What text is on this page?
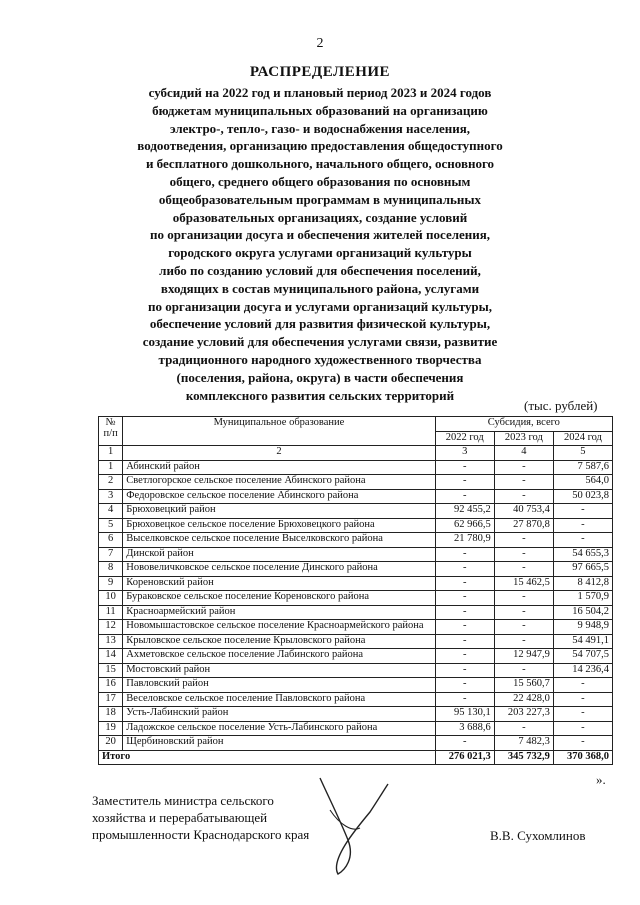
2
РАСПРЕДЕЛЕНИЕ
субсидий на 2022 год и плановый период 2023 и 2024 годов
бюджетам муниципальных образований на организацию
электро-, тепло-, газо- и водоснабжения населения,
водоотведения, организацию предоставления общедоступного
и бесплатного дошкольного, начального общего, основного
общего, среднего общего образования по основным
общеобразовательным программам в муниципальных
образовательных организациях, создание условий
по организации досуга и обеспечения жителей поселения,
городского округа услугами организаций культуры
либо по созданию условий для обеспечения поселений,
входящих в состав муниципального района, услугами
по организации досуга и услугами организаций культуры,
обеспечение условий для развития физической культуры,
создание условий для обеспечения услугами связи, развитие
традиционного народного художественного творчества
(поселения, района, округа) в части обеспечения
комплексного развития сельских территорий
(тыс. рублей)
№ п/п	Муниципальное образование	Субсидия, всего		
		2022 год	2023 год	2024 год
1	2	3	4	5
1	Абинский район	-	-	7 587,6
2	Светлогорское сельское поселение Абинского района	-	-	564,0
3	Федоровское сельское поселение Абинского района	-	-	50 023,8
4	Брюховецкий район	92 455,2	40 753,4	-
5	Брюховецкое сельское поселение Брюховецкого района	62 966,5	27 870,8	-
6	Выселковское сельское поселение Выселковского района	21 780,9	-	-
7	Динской район	-	-	54 655,3
8	Нововеличковское сельское поселение Динского района	-	-	97 665,5
9	Кореновский район	-	15 462,5	8 412,8
10	Бураковское сельское поселение Кореновского района	-	-	1 570,9
11	Красноармейский район	-	-	16 504,2
12	Новомышастовское сельское поселение Красноармейского района	-	-	9 948,9
13	Крыловское сельское поселение Крыловского района	-	-	54 491,1
14	Ахметовское сельское поселение Лабинского района	-	12 947,9	54 707,5
15	Мостовский район	-	-	14 236,4
16	Павловский район	-	15 560,7	-
17	Веселовское сельское поселение Павловского района	-	22 428,0	-
18	Усть-Лабинский район	95 130,1	203 227,3	-
19	Ладожское сельское поселение Усть-Лабинского района	3 688,6	-	-
20	Щербиновский район	-	7 482,3	-
Итого		276 021,3	345 732,9	370 368,0
».
Заместитель министра сельского
хозяйства и перерабатывающей
промышленности Краснодарского края	В.В. Сухомлинов
